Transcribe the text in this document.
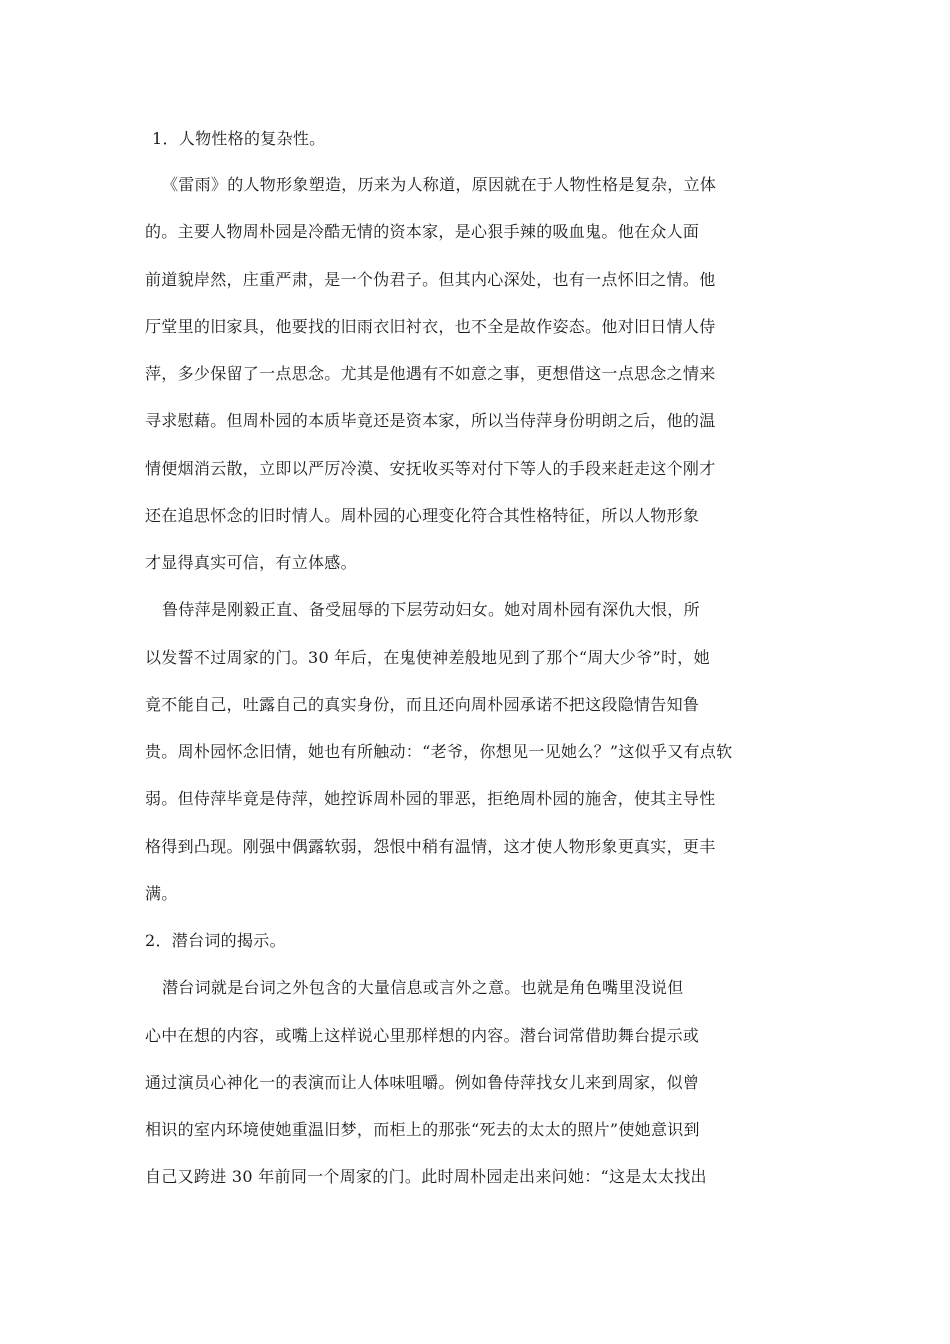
1．人物性格的复杂性。
《雷雨》的人物形象塑造，历来为人称道，原因就在于人物性格是复杂，立体
的。主要人物周朴园是冷酷无情的资本家，是心狠手辣的吸血鬼。他在众人面
前道貌岸然，庄重严肃，是一个伪君子。但其内心深处，也有一点怀旧之情。他
厅堂里的旧家具，他要找的旧雨衣旧衬衣，也不全是故作姿态。他对旧日情人侍
萍，多少保留了一点思念。尤其是他遇有不如意之事，更想借这一点思念之情来
寻求慰藉。但周朴园的本质毕竟还是资本家，所以当侍萍身份明朗之后，他的温
情便烟消云散，立即以严厉冷漠、安抚收买等对付下等人的手段来赶走这个刚才
还在追思怀念的旧时情人。周朴园的心理变化符合其性格特征，所以人物形象
才显得真实可信，有立体感。
鲁侍萍是刚毅正直、备受屈辱的下层劳动妇女。她对周朴园有深仇大恨，所
以发誓不过周家的门。30 年后，在鬼使神差般地见到了那个“周大少爷”时，她
竟不能自己，吐露自己的真实身份，而且还向周朴园承诺不把这段隐情告知鲁
贵。周朴园怀念旧情，她也有所触动：“老爷，你想见一见她么？”这似乎又有点软
弱。但侍萍毕竟是侍萍，她控诉周朴园的罪恶，拒绝周朴园的施舍，使其主导性
格得到凸现。刚强中偶露软弱，怨恨中稍有温情，这才使人物形象更真实，更丰
满。
2．潜台词的揭示。
潜台词就是台词之外包含的大量信息或言外之意。也就是角色嘴里没说但
心中在想的内容，或嘴上这样说心里那样想的内容。潜台词常借助舞台提示或
通过演员心神化一的表演而让人体味咀嚼。例如鲁侍萍找女儿来到周家，似曾
相识的室内环境使她重温旧梦，而柜上的那张“死去的太太的照片”使她意识到
自己又跨进 30 年前同一个周家的门。此时周朴园走出来问她：“这是太太找出
